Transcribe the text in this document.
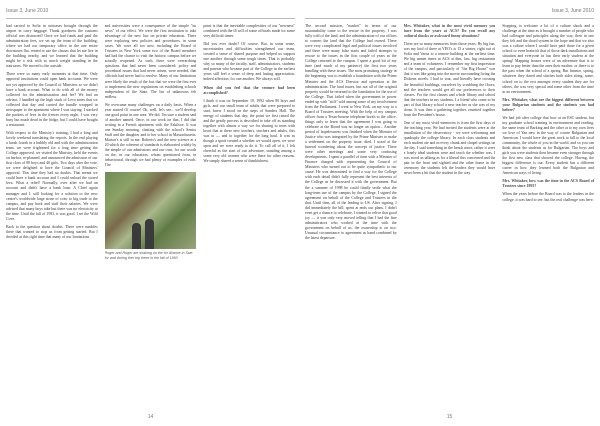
Issue 3, June 2010

had carried to Sofia in suitcases brought through the airport in carry baggage. Thank goodness the customs official was distracted! Once we had funds and paid the administration fees, we set up the team of the building, where we had our temporary office in the one entire downtown flat, rented to use the classes that let me live in the building nearby, and we learned that the building might be a risk with so much weight standing in the staircases. We moved to the outside.

There were so many early moments at that time. Only approval institutions could open bank accounts. We were not yet approved by the Council of Ministers so we didn't have a bank account. What to do with all of the money collected for the administration and fee? We had an advisor, I handled up the high stack of Leva notes that we collected that day and carried the bundle wrapped in newspaper to the apartment where I was staying. I stacked the packets of leva in the freezer every night. I was very busy but much dead in the fridge, but I could have bought a restaurant.

With respect to the Ministry's training, I had a long and lovely weekend translating the reports. In the end playing a harsh fourth in a bubbly old and with the administration team, we were frightened for a long time getting the College approved, we visited the Ministry, held the events on harbor, re-planned, and announced the admission of our first class of 80 boys and 40 girls. Two days after the vote, we were delighted to have the Council of Ministers' approval. This time they had no doubts. That meant we could have a bank account and I could unload the stored leva. What a relief! Normally, over after we had an account and didn't have a bank loan. A Chief again manager and I, still looking for a solution to the new centre's worldwide large stone of coin: to big trade to the campus, and pay back and staff their salaries. We were advised that many boys take but there was no electricity at the time. Until the fall of 1993, it was good. I set the Wild Cove.

Back to the question about doubts. There were rumbles there that wanted to stop us from getting started. But I decided at this right time that many of our limitations

and universities were a consequence of the simple "no news" of our effect. We were the first institution to take advantage of the new law on private education. There were exploring new policies and procedures, in some cases. We were all too new, including the Board of Trustees in New York some two of the Board members had had the chance to visit the historic campus before we actually reopened. As such, there were overarching questions that had never been considered: policy and procedural issues that had never arisen, were needed, that officials had never had to resolve. Many of our limitations were likely the result of the fact that we were the first ever to implement the new regulations on establishing schools independent of the State. The list of unknowns felt endless.

We overcame many challenges on a daily basis. When a year started Of course! Oh, well, let's see... we'll develop one good point in one area. We did. I'm sure a student said of another named. Once, in our work on that, I did that writing in a French apartment with the Eskilsoe. It was one Sunday morning, chatting with the school's Senior Staff and the daughter and to her school in Massachusetts. Marion's is still in me. Roberts's and the new science at a 20 which the coherent of standards is elaborated widely by the simple of our admissions and our own, for our words on the, in our education, whom questioned from, in behavioural, through we had plenty of examples of each. The

Roger and Roger are shaking on the for Aliance in Swe for and during ther trip there in the fall of 1993

point is that the inevitable complexities of our "newness" combined with the ill will of some officials made for some very difficult times.

Did you ever doubt? Of course. But, in some sense, uncertainties and difficulties strengthened our team, created a sense of shared purpose and helped us support one another through some tough times. That is probably why so many of the faculty, staff, administrators, students and parents who became part of the College in the earliest years still feel a sense of deep and lasting appreciation, indeed affection, for one another. We always will.

When did you feel that the venture had been accomplished?

I think it was on September 19, 1992 when 80 boys and girls, and our small team of adults that were prepared to start, knew I stood on the steps of Sanders Hall. The energy of students that day, the point we first raised the and the gently process is described to take off as standing together with almost a way we for sharing to tears with heart that at these new teachers, teachers and adults, this was to — and to together for the long haul. It was as though a spirit created a whether we would open, we were open and we were ready to do it. To call all of it, I felt cheerful as the start of our adventure, standing among a some very old women who were there for other reasons. We simply shared a sense of thankfulness.

14
Issue 3, June 2010

The second mission, "market" in terms of our sustainability came to the rescue in the property. I was fully told of the land, and the administration of our offices to convert the land that the College had owned. There were very complicated legal and political issues involved and there were many false starts and failed attempts to rescue to the issues in the first couple of years as the College returned to the campus. I spent a good bit of my time (and much of my patience) the first two years handling with these issues. The most promising strategy in the beginning was to establish a foundation with the Prime Minister and the ACS Director and operation at the administration. The land issues, but not all of the original property would be returned to the foundation for the use of the College. That failed when the government in power ended up with "stiff" sold among some of my involvement from the Parliament. I went to New York, on my way to a Board of Trustees meeting. With the help of my campus officer from a Texas-bourne telephone booth to the office, things only to learn that the agreement I was going to celebrate at the Board was no longer an option... Another period of hopelessness was finished when the Minister of Justice who was integrated by the Prime Minister to make a settlement on the property issue, died. I stood at the funeral wondering about the concept of justice. There were other meetings and some very confusing developments. I spent a parallel of time with a Minister of Finance charged with representing the Council of Ministers who turned out to be quite sympathetic to our cause. He was determined to find a way for the College with each detail didn't fully represent the best interests of the College as he discussed it with the government. But the a summer of 1998 he could finally settle what the long-term use of the campus by the College. I signed the agreement on behalf of the College and Trustees in the that. Until then, all of the leading to US. After signing, I did immediately the bill, spent at ends our plans. I didn't even get a chance to celebrate, I wanted to relive that good joy — it was only very moved telling that I had the fine administrators who worked at the time with the government on behalf of us, the ownership is on two. Unusual circumstance to agreement as hand combined by the latest departure.

Mrs. Whitaker, what in the most vivid memory you have from the years at ACS? Do you recall any cultural shocks or awkward funny situations?

There are so many memories from those years. By big fun, was my lord of three at VEO's is 15 a winter, right out of Sofia and Varna to a remote building at the earliest time. We big unmet times at ACS at dim, fast, big restaurants and a team of volunteers. I remember my first impression of the campus, and particularly of "the Big House" was that it was like going into the movie surrounding living the Dickens novels. I had to tour, and literally have crossing the beautiful buildings, ourselves by scrubbing the floors, and the teachers would get all our preferences to their classes. For the first classes and whole library and school that the teachers in my students. I a friend who came to be part of that library school a new teacher as she was of my dorm. It was then a gathering together, reunited together from the President's house.

One of my most vivid memories is from the first days of the teaching year. We had invited the students were at the installation of the observatory - we were welcoming and quadruply the college library. In each class students and each student ate and in every chunk and chapel settings on the day. I said something in the bench more, rather it were a lonely ideal students were and teach the whether was. I was stood as talking as for a liberal this concerned and the pair in the front and sighted and the other home in the ceremony the students felt the leaders they would have never been a bit that the student in the way.

Stopping to welcome a lot of a culture shock and a challenge at the time as it brought a number of people who had colleague and principles along the way, their in one they felt and the chord system in the hope and that we also was a culture where I would have paid those for a given school or even brain/oh that of those dark installations and situation and everyone in has their early student at the spring! Mapping houses were of an adventure that is to learn to pay better than the ones their mother, or there is to the past when the school of a spring. But finance, spring, whatever they dared and stitches both sides along, some, school on to the rest amongst every student they are for others, the was very special and some other from the time in an environment.

Mrs. Whitaker, what are the biggest different between your Bulgarian students and the students you had before?

We had job after college that how at an ESC student, but my graduate school training in environment and reading, the same team of Barking and the other at to my own lives we love of Yan new in the way of course Bulgarian and American. I would have the great work to fall to the local community, the whole of you in the world, and so you can think about the students as for Bulgarian. The boys and girls you were students then became even stronger through the first new class that showed the college. Having, the biggest difference is our. Every student has a different career in how they learned both the Bulgarian and American ways of living.

Mrs. Whitaker, how was the time in the ACS Board of Trustees since 1993?

When the years before the Board was to the leaders in the college, it was hard to see, but the real challenge was here.

15
